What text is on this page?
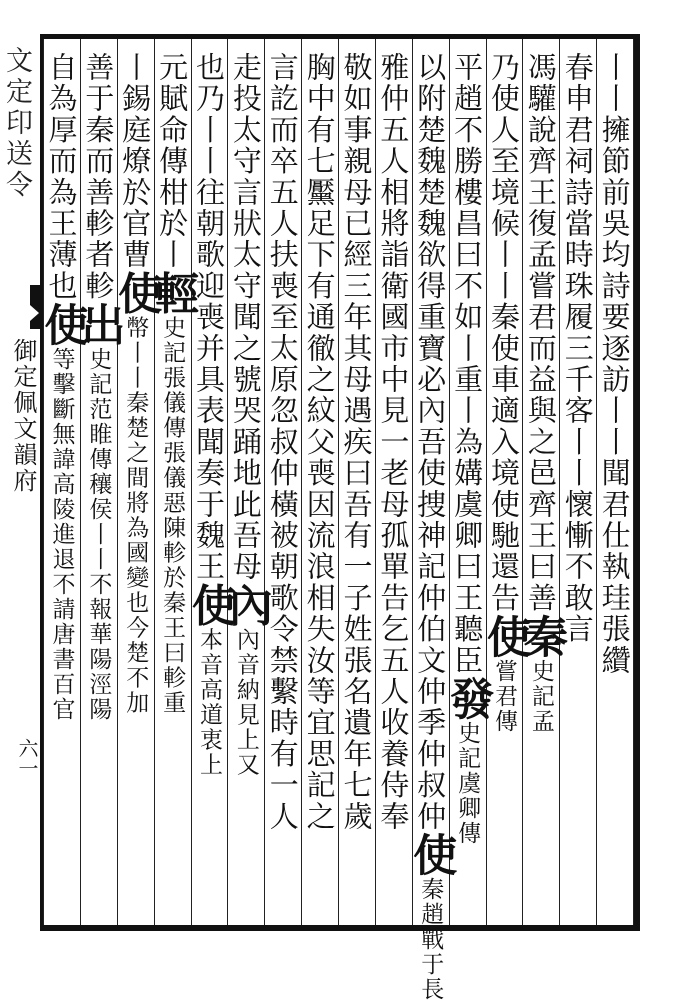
文定印送令
御定佩文韻府
六一
丨丨擁節前吳均詩要逐訪丨丨聞君仕執珪張纘
春申君祠詩當時珠履三千客丨丨懷慚不敢言
馮驩說齊王復孟嘗君而益與之邑齊王曰善秦史記孟
乃使人至境候丨丨秦使車適入境使馳還告使嘗君傳
平趙不勝樓昌曰不如丨重丨為媾虞卿曰王聽臣發史記虞卿傳
以附楚魏楚魏欲得重寶必內吾使捜神記仲伯文仲季仲叔仲使秦趙戰于長
雅仲五人相將詣衛國市中見一老母孤單告乞五人收養侍奉
敬如事親母已經三年其母遇疾曰吾有一子姓張名遺年七歲
胸中有七黶足下有通徹之紋父喪因流浪相失汝等宜思記之
言訖而卒五人扶喪至太原忽叔仲橫被朝歌令禁繫時有一人
走投太守言狀太守聞之號哭踊地此吾母內內音納見上又
也乃丨丨往朝歌迎喪并具表聞奏于魏王使本音高道衷上
元賦命傳柑於丨輕史記張儀傳張儀惡陳軫於秦王曰軫重
丨錫庭燎於官曹使幣丨丨秦楚之間將為國變也今楚不加
善于秦而善軫者軫出史記范睢傳穰侯丨丨不報華陽涇陽
自為厚而為王薄也使等擊斷無諱高陵進退不請唐書百官
